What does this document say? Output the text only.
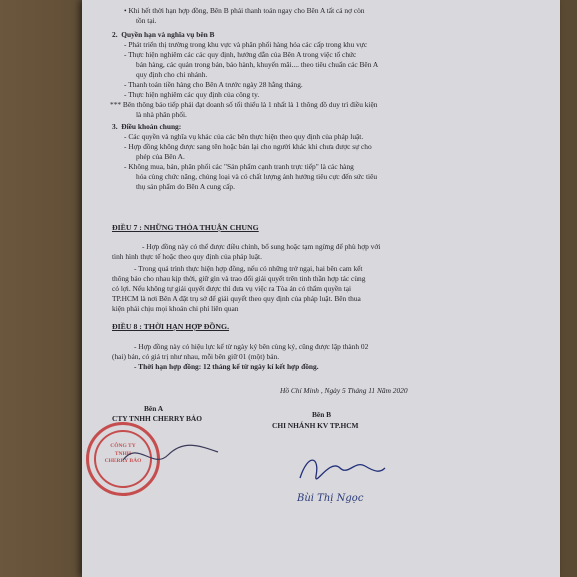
• Khi hết thời hạn hợp đồng, Bên B phải thanh toán ngay cho Bên A tất cả nợ còn
tồn tại.
2.  Quyền hạn và nghĩa vụ bên B
- Phát triển thị trường trong khu vực và phân phối hàng hóa các cấp trong khu vực
- Thực hiện nghiêm các các quy định, hướng dẫn của Bên A trong việc tổ chức
bán hàng, các quản trong bán, bảo hành, khuyến mãi.... theo tiêu chuẩn các Bên A
quy định cho chi nhánh.
- Thanh toán tiền hàng cho Bên A trước ngày 28 hằng tháng.
- Thực hiện nghiêm các quy định của công ty.
*** Bên thông báo tiếp phải đạt doanh số tối thiểu là 1 nhất là 1 thông đồ duy trì điều kiện
là nhà phân phối.
3.  Điều khoản chung:
- Các quyền và nghĩa vụ khác của các bên thực hiện theo quy định của pháp luật.
- Hợp đồng không được sang tên hoặc bán lại cho người khác khi chưa được sự cho
phép của Bên A.
- Không mua, bán, phân phối các "Sản phẩm cạnh tranh trực tiếp" là các hàng
hóa cùng chức năng, chủng loại và có chất lượng ảnh hưởng tiêu cực đến sức tiêu
thụ sản phẩm do Bên A cung cấp.
ĐIỀU 7 : NHỮNG THỎA THUẬN CHUNG
- Hợp đồng này có thể được điều chỉnh, bổ sung hoặc tạm ngừng để phù hợp với
tình hình thực tế hoặc theo quy định của pháp luật.
- Trong quá trình thực hiện hợp đồng, nếu có những trở ngại, hai bên cam kết
thông báo cho nhau kịp thời, giữ gìn và trao đổi giải quyết trên tinh thần hợp tác cùng
có lợi. Nếu không tự giải quyết được thì đưa vụ việc ra Tòa án có thẩm quyền tại
TP.HCM là nơi Bên A đặt trụ sở để giải quyết theo quy định của pháp luật. Bên thua
kiện phải chịu mọi khoản chi phí liên quan
ĐIỀU 8 : THỜI HẠN HỢP ĐỒNG.
- Hợp đồng này có hiệu lực kể từ ngày ký bên cùng ký, cũng được lập thành 02
(hai) bản, có giá trị như nhau, mỗi bên giữ 01 (một) bản.
- Thời hạn hợp đồng: 12 tháng kể từ ngày kí kết hợp đồng.
Hồ Chí Minh , Ngày 5 Tháng 11 Năm 2020
Bên A
CTY TNHH CHERRY BẢO	Bên B
CHI NHÁNH KV TP.HCM
Bùi Thị Ngọc
CÔNG TY TNHH CHERRY BẢO
